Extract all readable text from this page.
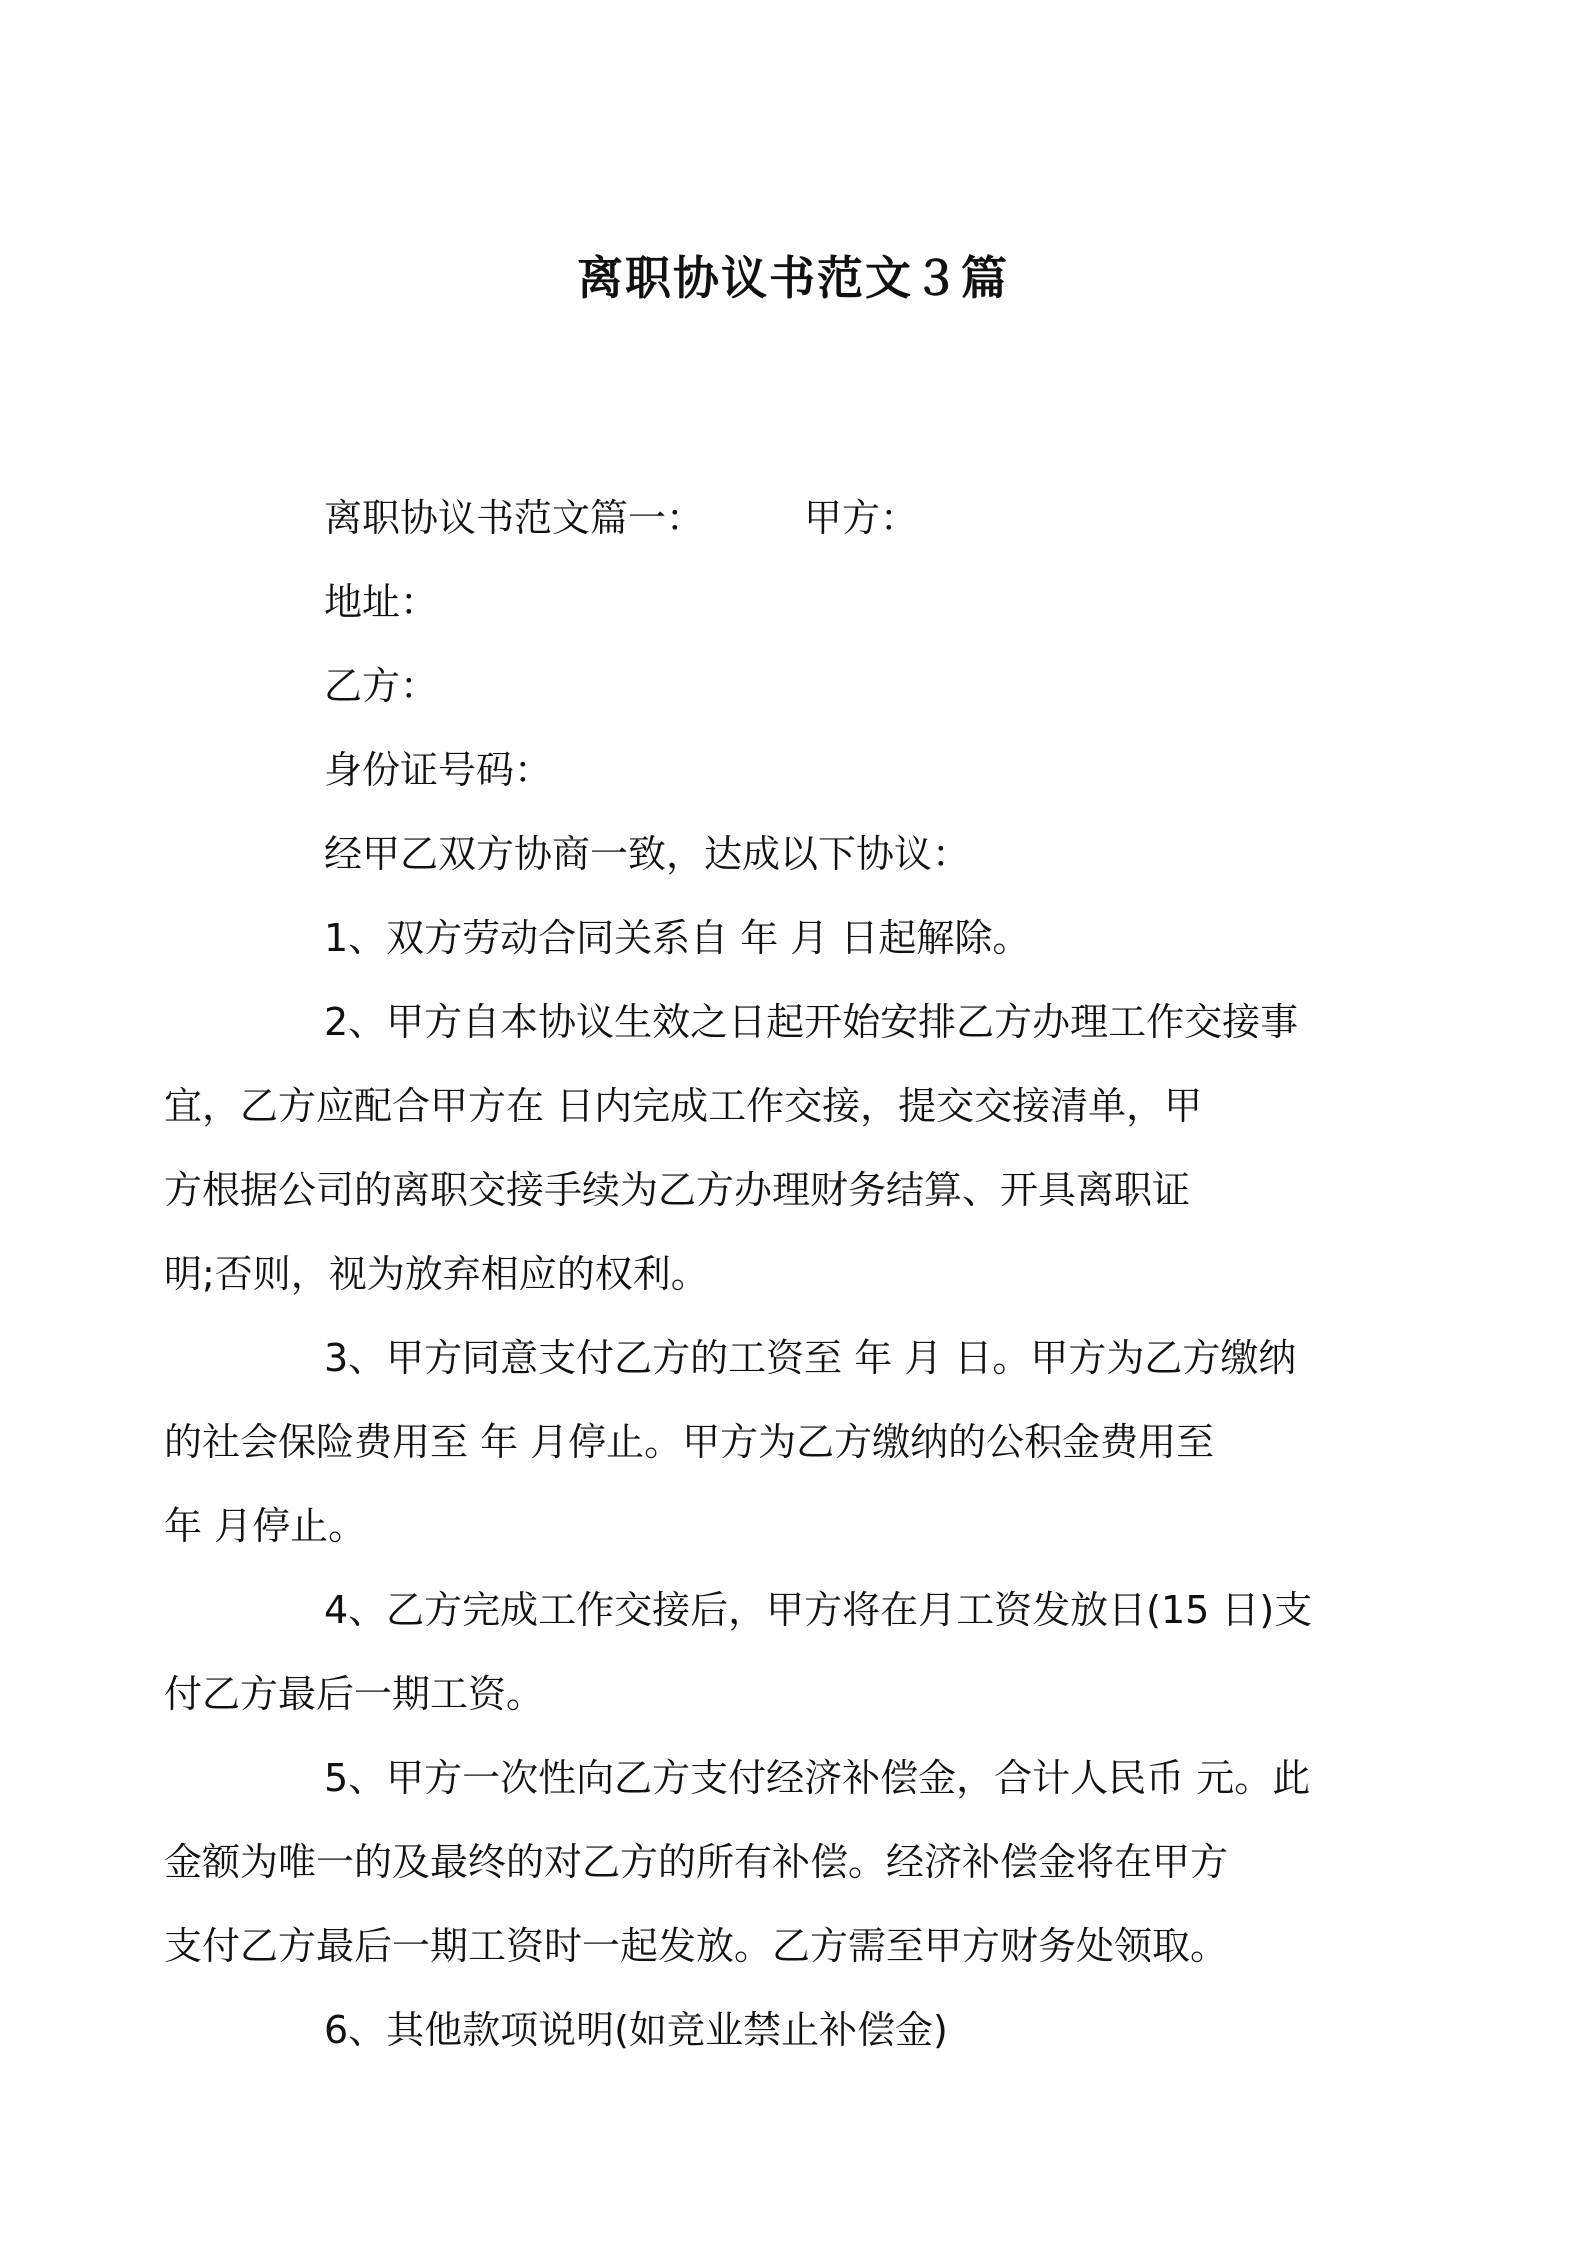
离职协议书范文３篇
离职协议书范文篇一：	甲方：
地址：
乙方：
身份证号码：
经甲乙双方协商一致，达成以下协议：
1、双方劳动合同关系自 年 月 日起解除。
2、甲方自本协议生效之日起开始安排乙方办理工作交接事
宜，乙方应配合甲方在 日内完成工作交接，提交交接清单，甲
方根据公司的离职交接手续为乙方办理财务结算、开具离职证
明;否则，视为放弃相应的权利。
3、甲方同意支付乙方的工资至 年 月 日。甲方为乙方缴纳
的社会保险费用至 年 月停止。甲方为乙方缴纳的公积金费用至
年 月停止。
4、乙方完成工作交接后，甲方将在月工资发放日(15 日)支
付乙方最后一期工资。
5、甲方一次性向乙方支付经济补偿金，合计人民币 元。此
金额为唯一的及最终的对乙方的所有补偿。经济补偿金将在甲方
支付乙方最后一期工资时一起发放。乙方需至甲方财务处领取。
6、其他款项说明(如竞业禁止补偿金)
